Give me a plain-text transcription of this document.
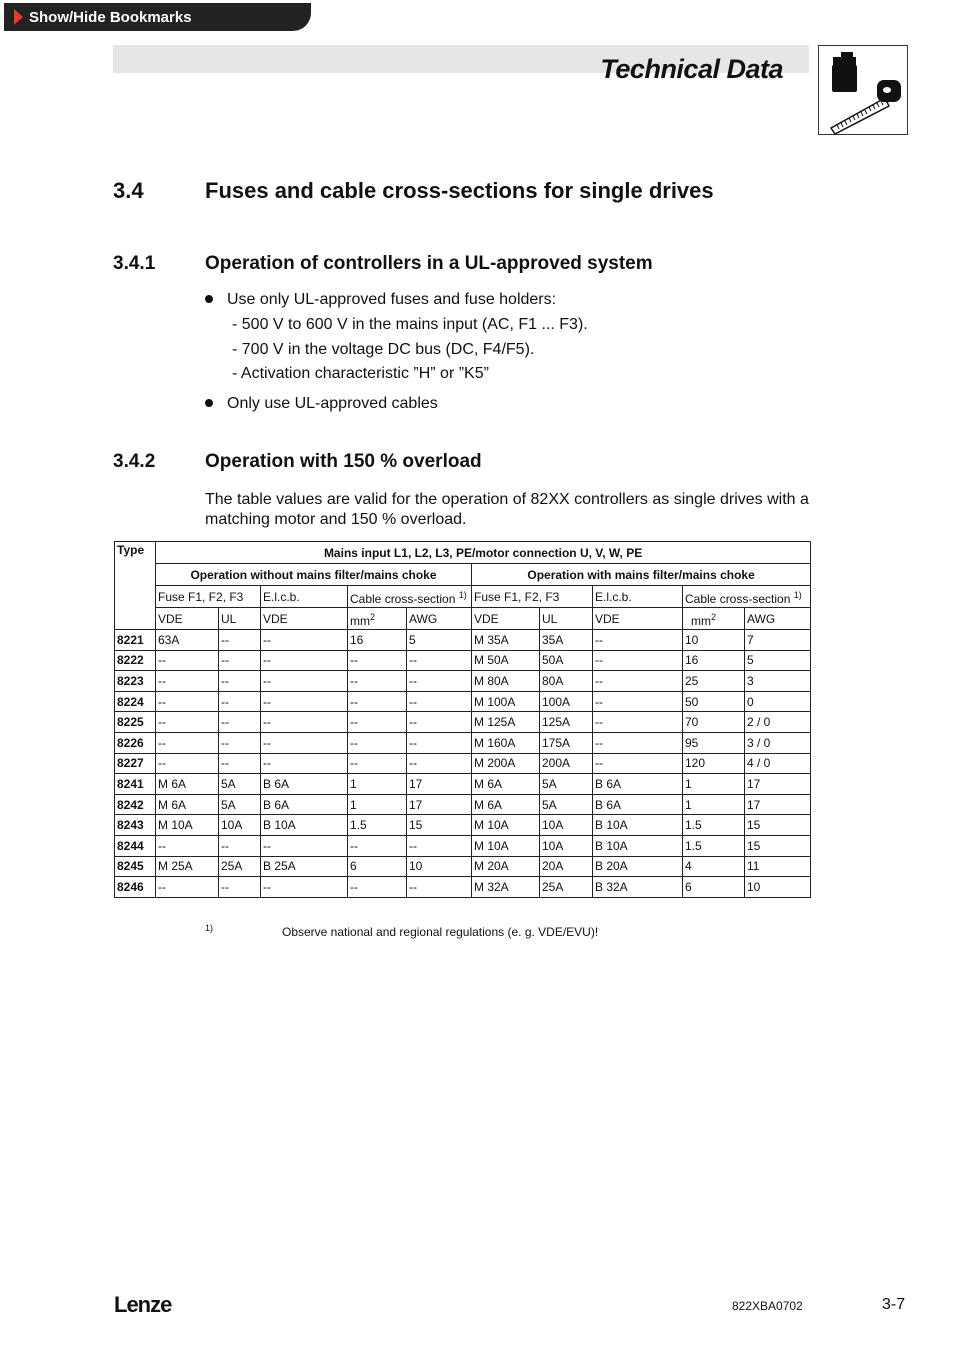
Show/Hide Bookmarks
Technical Data
3.4	Fuses and cable cross-sections for single drives
3.4.1	Operation of controllers in a UL-approved system
Use only UL-approved fuses and fuse holders:
- 500 V to 600 V in the mains input (AC, F1 ... F3).
- 700 V in the voltage DC bus (DC, F4/F5).
- Activation characteristic ”H” or ”K5”
Only use UL-approved cables
3.4.2	Operation with 150 % overload
The table values are valid for the operation of 82XX controllers as single drives with a matching motor and 150 % overload.
Type	Mains input L1, L2, L3, PE/motor connection U, V, W, PE									
	Operation without mains filter/mains choke					Operation with mains filter/mains choke				
	Fuse F1, F2, F3		E.l.c.b.	Cable cross-section $^{1)}$		Fuse F1, F2, F3		E.l.c.b.	Cable cross-section $^{1)}$
	VDE	UL	VDE	$mm^2$	AWG	VDE	UL	VDE	$mm^2$	AWG
8221	63A	--	--	16	5	M 35A	35A	--	10	7
8222	--	--	--	--	--	M 50A	50A	--	16	5
8223	--	--	--	--	--	M 80A	80A	--	25	3
8224	--	--	--	--	--	M 100A	100A	--	50	0
8225	--	--	--	--	--	M 125A	125A	--	70	2 / 0
8226	--	--	--	--	--	M 160A	175A	--	95	3 / 0
8227	--	--	--	--	--	M 200A	200A	--	120	4 / 0
8241	M 6A	5A	B 6A	1	17	M 6A	5A	B 6A	1	17
8242	M 6A	5A	B 6A	1	17	M 6A	5A	B 6A	1	17
8243	M 10A	10A	B 10A	1.5	15	M 10A	10A	B 10A	1.5	15
8244	--	--	--	--	--	M 10A	10A	B 10A	1.5	15
8245	M 25A	25A	B 25A	6	10	M 20A	20A	B 20A	4	11
8246	--	--	--	--	--	M 32A	25A	B 32A	6	10
1)	Observe national and regional regulations (e. g. VDE/EVU)!
Lenze	822XBA0702	3-7
